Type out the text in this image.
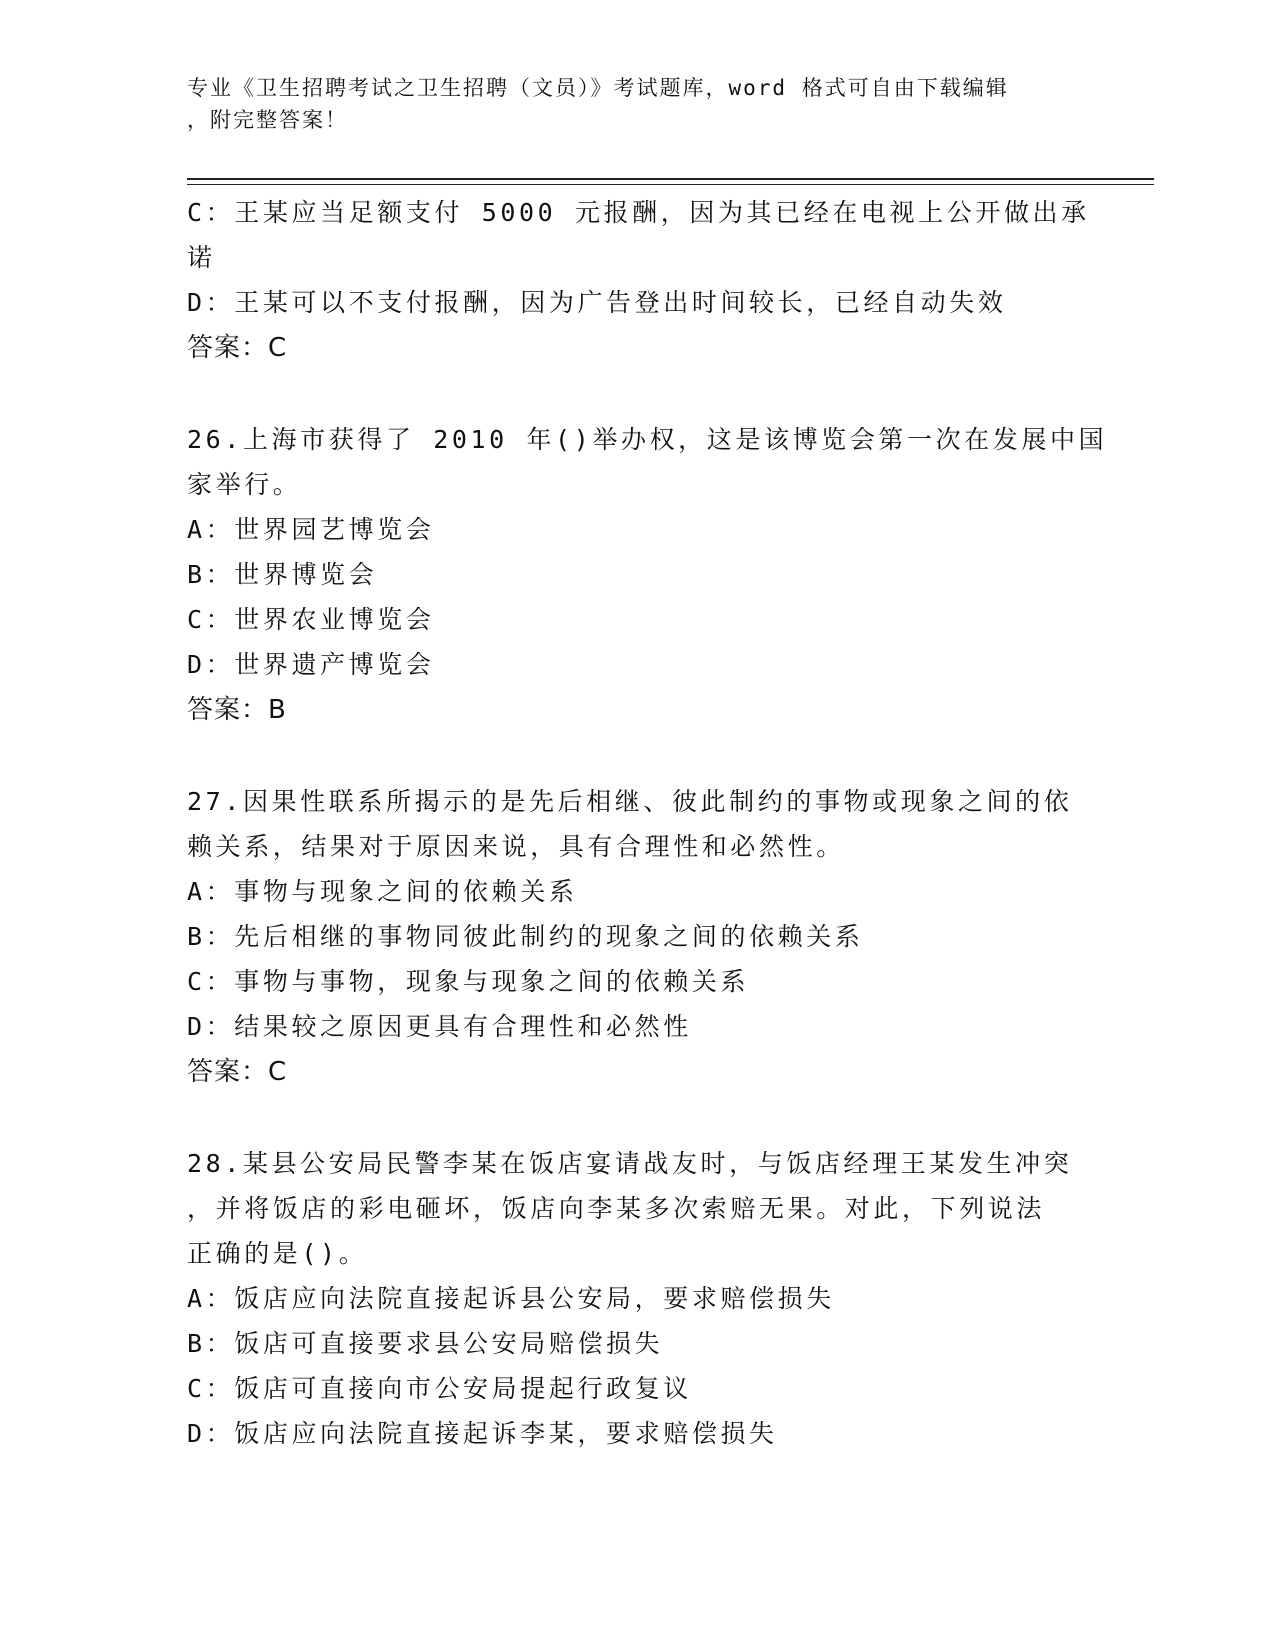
专业《卫生招聘考试之卫生招聘（文员）》考试题库，word 格式可自由下载编辑
，附完整答案！

C：王某应当足额支付 5000 元报酬，因为其已经在电视上公开做出承

诺

D：王某可以不支付报酬，因为广告登出时间较长，已经自动失效

答案：C

26.上海市获得了 2010 年()举办权，这是该博览会第一次在发展中国

家举行。

A：世界园艺博览会

B：世界博览会

C：世界农业博览会

D：世界遗产博览会

答案：B

27.因果性联系所揭示的是先后相继、彼此制约的事物或现象之间的依

赖关系，结果对于原因来说，具有合理性和必然性。

A：事物与现象之间的依赖关系

B：先后相继的事物同彼此制约的现象之间的依赖关系

C：事物与事物，现象与现象之间的依赖关系

D：结果较之原因更具有合理性和必然性

答案：C

28.某县公安局民警李某在饭店宴请战友时，与饭店经理王某发生冲突

，并将饭店的彩电砸坏，饭店向李某多次索赔无果。对此，下列说法

正确的是()。

A：饭店应向法院直接起诉县公安局，要求赔偿损失

B：饭店可直接要求县公安局赔偿损失

C：饭店可直接向市公安局提起行政复议

D：饭店应向法院直接起诉李某，要求赔偿损失
